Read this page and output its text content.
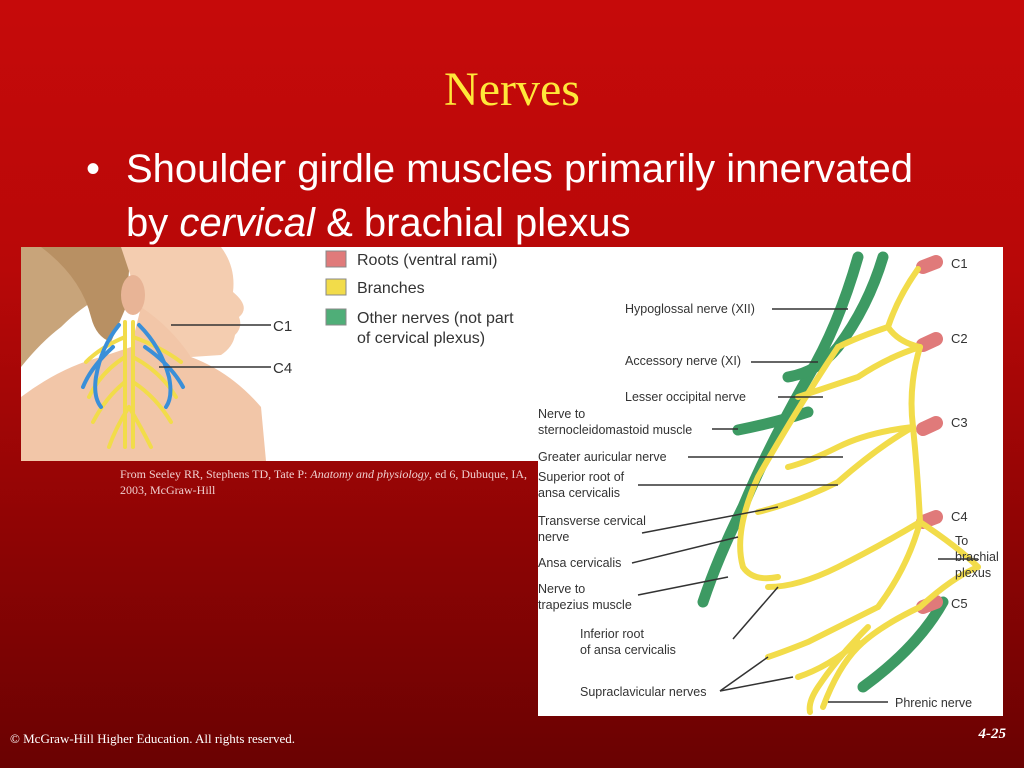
Nerves
• Shoulder girdle muscles primarily innervated by cervical & brachial plexus
C1
C4
Roots (ventral rami)
Branches
Other nerves (not part
of cervical plexus)
From Seeley RR, Stephens TD, Tate P: Anatomy and physiology, ed 6, Dubuque, IA, 2003, McGraw-Hill
C1
C2
C3
C4
C5
Hypoglossal nerve (XII)
Accessory nerve (XI)
Lesser occipital nerve
Nerve to
sternocleidomastoid muscle
Greater auricular nerve
Superior root of
ansa cervicalis
Transverse cervical
nerve
Ansa cervicalis
Nerve to
trapezius muscle
Inferior root
of ansa cervicalis
Supraclavicular nerves
Phrenic nerve
To
brachial
plexus
© McGraw-Hill Higher Education. All rights reserved.	4-25
